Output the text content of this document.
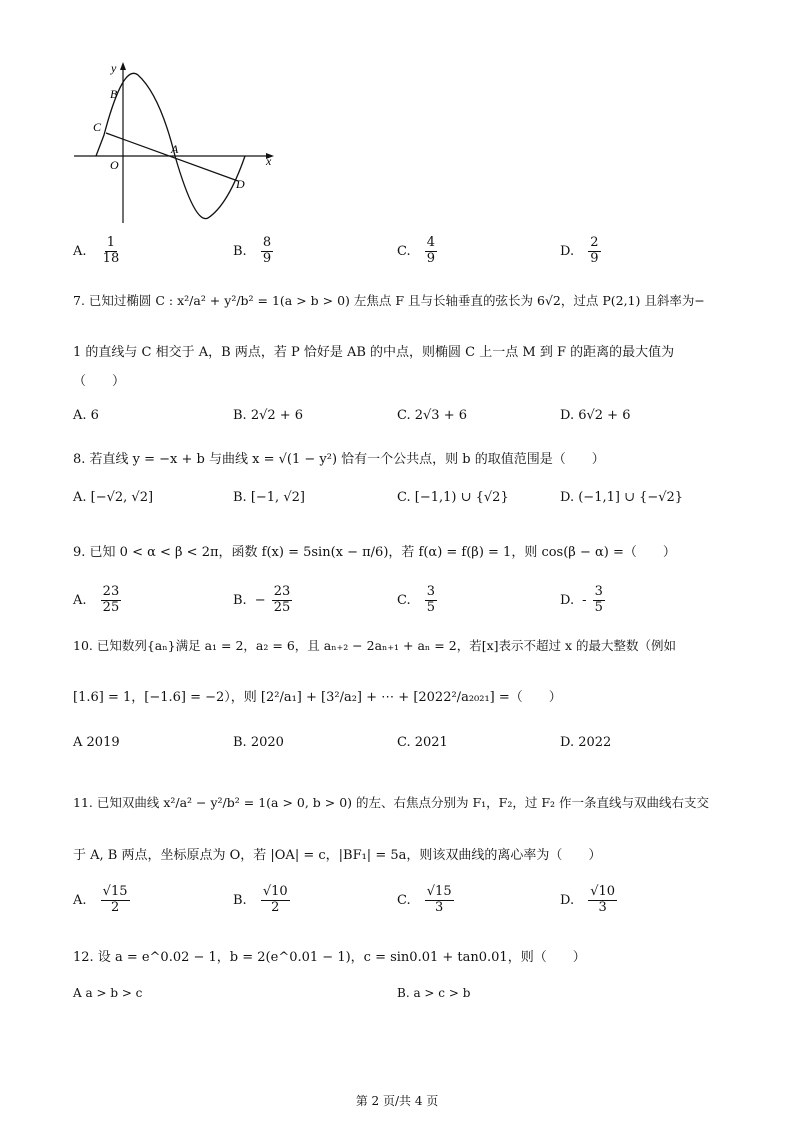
y
x
O
A
B
C
D
A. $\frac{1}{18}$	B. $\frac{8}{9}$	C. $\frac{4}{9}$	D. $\frac{2}{9}$
7. 已知过椭圆 C : x²/a² + y²/b² = 1(a > b > 0) 左焦点 F 且与长轴垂直的弦长为 6√2，过点 P(2,1) 且斜率为−
1 的直线与 C 相交于 A，B 两点，若 P 恰好是 AB 的中点，则椭圆 C 上一点 M 到 F 的距离的最大值为
（　　）
A. 6	B. 2√2 + 6	C. 2√3 + 6	D. 6√2 + 6
8. 若直线 y = −x + b 与曲线 x = √(1 − y²) 恰有一个公共点，则 b 的取值范围是（　　）
A. [−√2, √2]	B. [−1, √2]	C. [−1,1) ∪ {√2}	D. (−1,1] ∪ {−√2}
9. 已知 0 < α < β < 2π，函数 f(x) = 5sin(x − π/6)，若 f(α) = f(β) = 1，则 cos(β − α) =（　　）
A. $\frac{23}{25}$	B. − $\frac{23}{25}$	C. $\frac{3}{5}$	D. - $\frac{3}{5}$
10. 已知数列{aₙ}满足 a₁ = 2，a₂ = 6，且 aₙ₊₂ − 2aₙ₊₁ + aₙ = 2，若[x]表示不超过 x 的最大整数（例如
[1.6] = 1，[−1.6] = −2），则 [2²/a₁] + [3²/a₂] + ⋯ + [2022²/a₂₀₂₁] =（　　）
A 2019	B. 2020	C. 2021	D. 2022
11. 已知双曲线 x²/a² − y²/b² = 1(a > 0, b > 0) 的左、右焦点分别为 F₁，F₂，过 F₂ 作一条直线与双曲线右支交
于 A, B 两点，坐标原点为 O，若 |OA| = c，|BF₁| = 5a，则该双曲线的离心率为（　　）
A. $\frac{√15}{2}$	B. $\frac{√10}{2}$	C. $\frac{√15}{3}$	D. $\frac{√10}{3}$
12. 设 a = e^0.02 − 1，b = 2(e^0.01 − 1)，c = sin0.01 + tan0.01，则（　　）
A a > b > c	B. a > c > b
第 2 页/共 4 页
